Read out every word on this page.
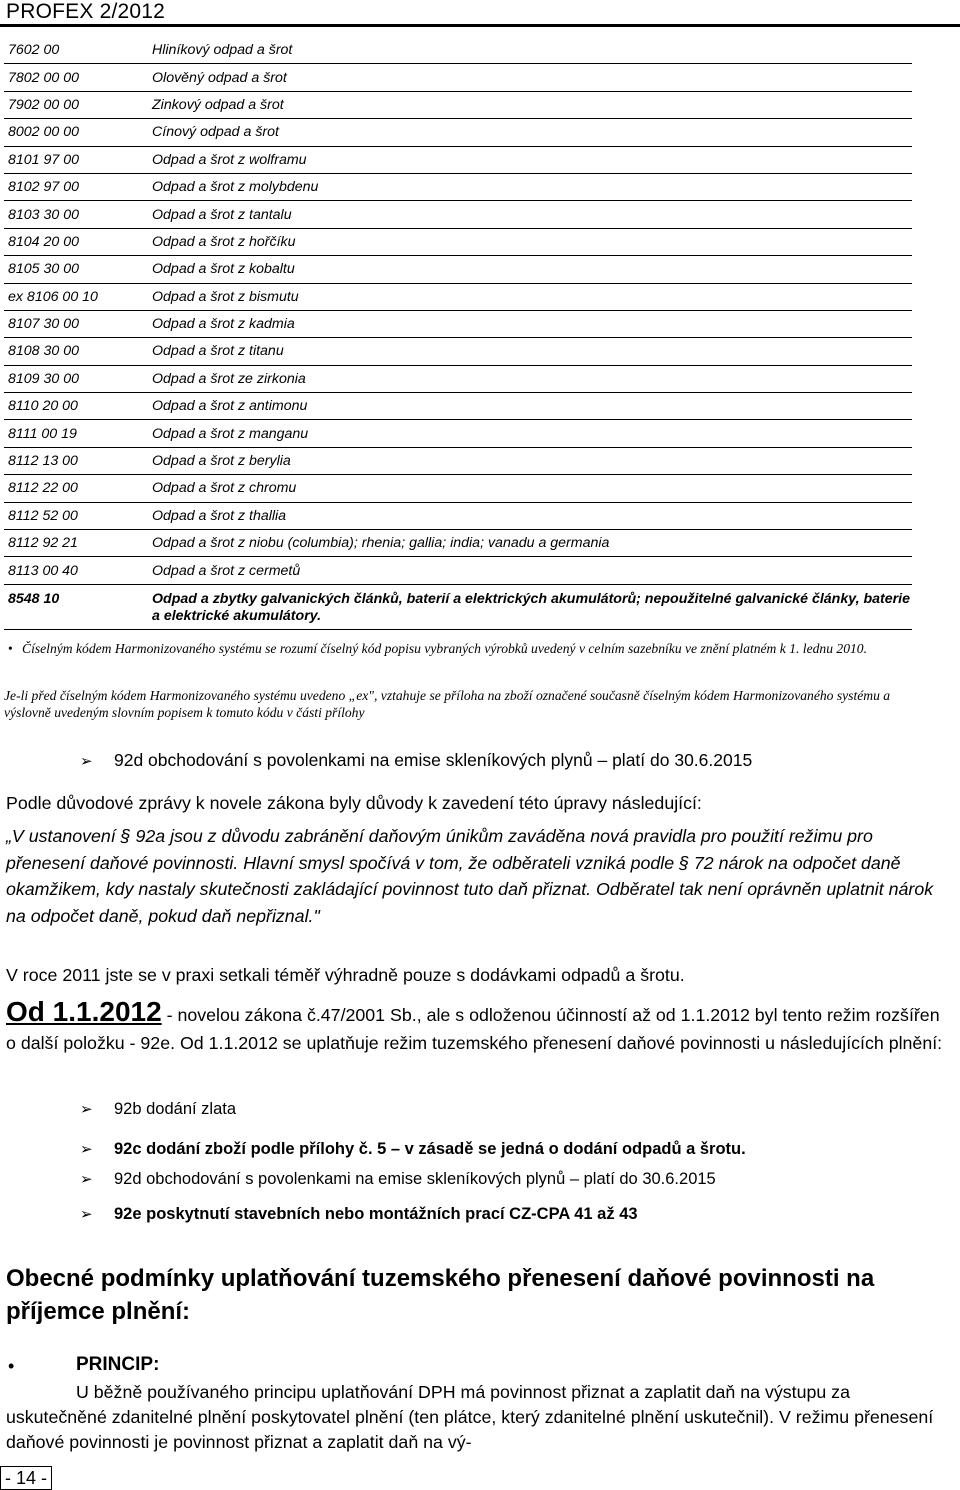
PROFEX 2/2012
7602 00	Hliníkový odpad a šrot
7802 00 00	Olověný odpad a šrot
7902 00 00	Zinkový odpad a šrot
8002 00 00	Cínový odpad a šrot
8101 97 00	Odpad a šrot z wolframu
8102 97 00	Odpad a šrot z molybdenu
8103 30 00	Odpad a šrot z tantalu
8104 20 00	Odpad a šrot z hořčíku
8105 30 00	Odpad a šrot z kobaltu
ex 8106 00 10	Odpad a šrot z bismutu
8107 30 00	Odpad a šrot z kadmia
8108 30 00	Odpad a šrot z titanu
8109 30 00	Odpad a šrot ze zirkonia
8110 20 00	Odpad a šrot z antimonu
8111 00 19	Odpad a šrot z manganu
8112 13 00	Odpad a šrot z berylia
8112 22 00	Odpad a šrot z chromu
8112 52 00	Odpad a šrot z thallia
8112 92 21	Odpad a šrot z niobu (columbia); rhenia; gallia; india; vanadu a germania
8113 00 40	Odpad a šrot z cermetů
8548 10	Odpad a zbytky galvanických článků, baterií a elektrických akumulátorů; nepoužitelné galvanické články, baterie a elektrické akumulátory.
• Číselným kódem Harmonizovaného systému se rozumí číselný kód popisu vybraných výrobků uvedený v celním sazebníku ve znění platném k 1. lednu 2010.
Je-li před číselným kódem Harmonizovaného systému uvedeno „ex", vztahuje se příloha na zboží označené současně číselným kódem Harmonizovaného systému a výslovně uvedeným slovním popisem k tomuto kódu v části přílohy
➢ 92d obchodování s povolenkami na emise skleníkových plynů – platí do 30.6.2015
Podle důvodové zprávy k novele zákona byly důvody k zavedení této úpravy následující:
„V ustanovení § 92a jsou z důvodu zabránění daňovým únikům zaváděna nová pravidla pro použití režimu pro přenesení daňové povinnosti. Hlavní smysl spočívá v tom, že odběrateli vzniká podle § 72 nárok na odpočet daně okamžikem, kdy nastaly skutečnosti zakládající povinnost tuto daň přiznat. Odběratel tak není oprávněn uplatnit nárok na odpočet daně, pokud daň nepřiznal."
V roce 2011 jste se v praxi setkali téměř výhradně pouze s dodávkami odpadů a šrotu.
Od 1.1.2012 - novelou zákona č.47/2001 Sb., ale s odloženou účinností až od 1.1.2012 byl tento režim rozšířen o další položku - 92e. Od 1.1.2012 se uplatňuje režim tuzemského přenesení daňové povinnosti u následujících plnění:
➢ 92b dodání zlata
➢ 92c dodání zboží podle přílohy č. 5 – v zásadě se jedná o dodání odpadů a šrotu.
➢ 92d obchodování s povolenkami na emise skleníkových plynů – platí do 30.6.2015
➢ 92e poskytnutí stavebních nebo montážních prací CZ-CPA 41 až 43
Obecné podmínky uplatňování tuzemského přenesení daňové povinnosti na příjemce plnění:
•	PRINCIP:
U běžně používaného principu uplatňování DPH má povinnost přiznat a zaplatit daň na výstupu za uskutečněné zdanitelné plnění poskytovatel plnění (ten plátce, který zdanitelné plnění uskutečnil). V režimu přenesení daňové povinnosti je povinnost přiznat a zaplatit daň na vý-
- 14 -
